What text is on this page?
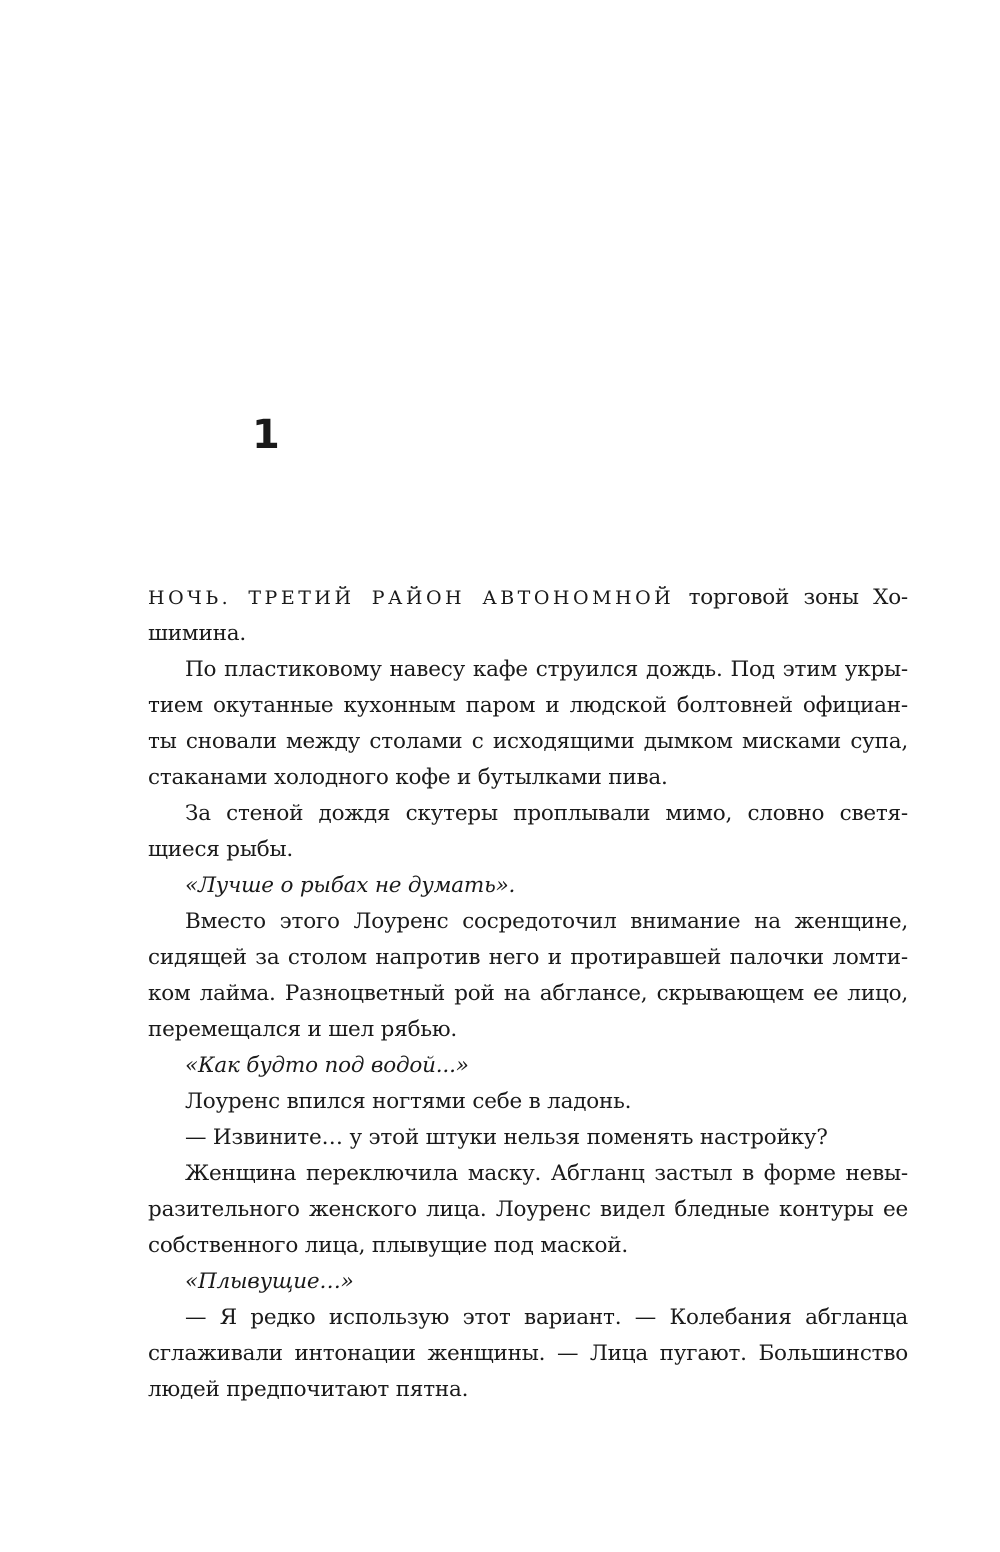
1
НОЧЬ. ТРЕТИЙ РАЙОН АВТОНОМНОЙ торговой зоны Хо-
шимина.
По пластиковому навесу кафе струился дождь. Под этим укры-
тием окутанные кухонным паром и людской болтовней официан-
ты сновали между столами с исходящими дымком мисками супа,
стаканами холодного кофе и бутылками пива.
За стеной дождя скутеры проплывали мимо, словно светя-
щиеся рыбы.
«Лучше о рыбах не думать».
Вместо этого Лоуренс сосредоточил внимание на женщине,
сидящей за столом напротив него и протиравшей палочки ломти-
ком лайма. Разноцветный рой на абглансе, скрывающем ее лицо,
перемещался и шел рябью.
«Как будто под водой...»
Лоуренс впился ногтями себе в ладонь.
— Извините… у этой штуки нельзя поменять настройку?
Женщина переключила маску. Абгланц застыл в форме невы-
разительного женского лица. Лоуренс видел бледные контуры ее
собственного лица, плывущие под маской.
«Плывущие…»
— Я редко использую этот вариант. — Колебания абгланца
сглаживали интонации женщины. — Лица пугают. Большинство
людей предпочитают пятна.
